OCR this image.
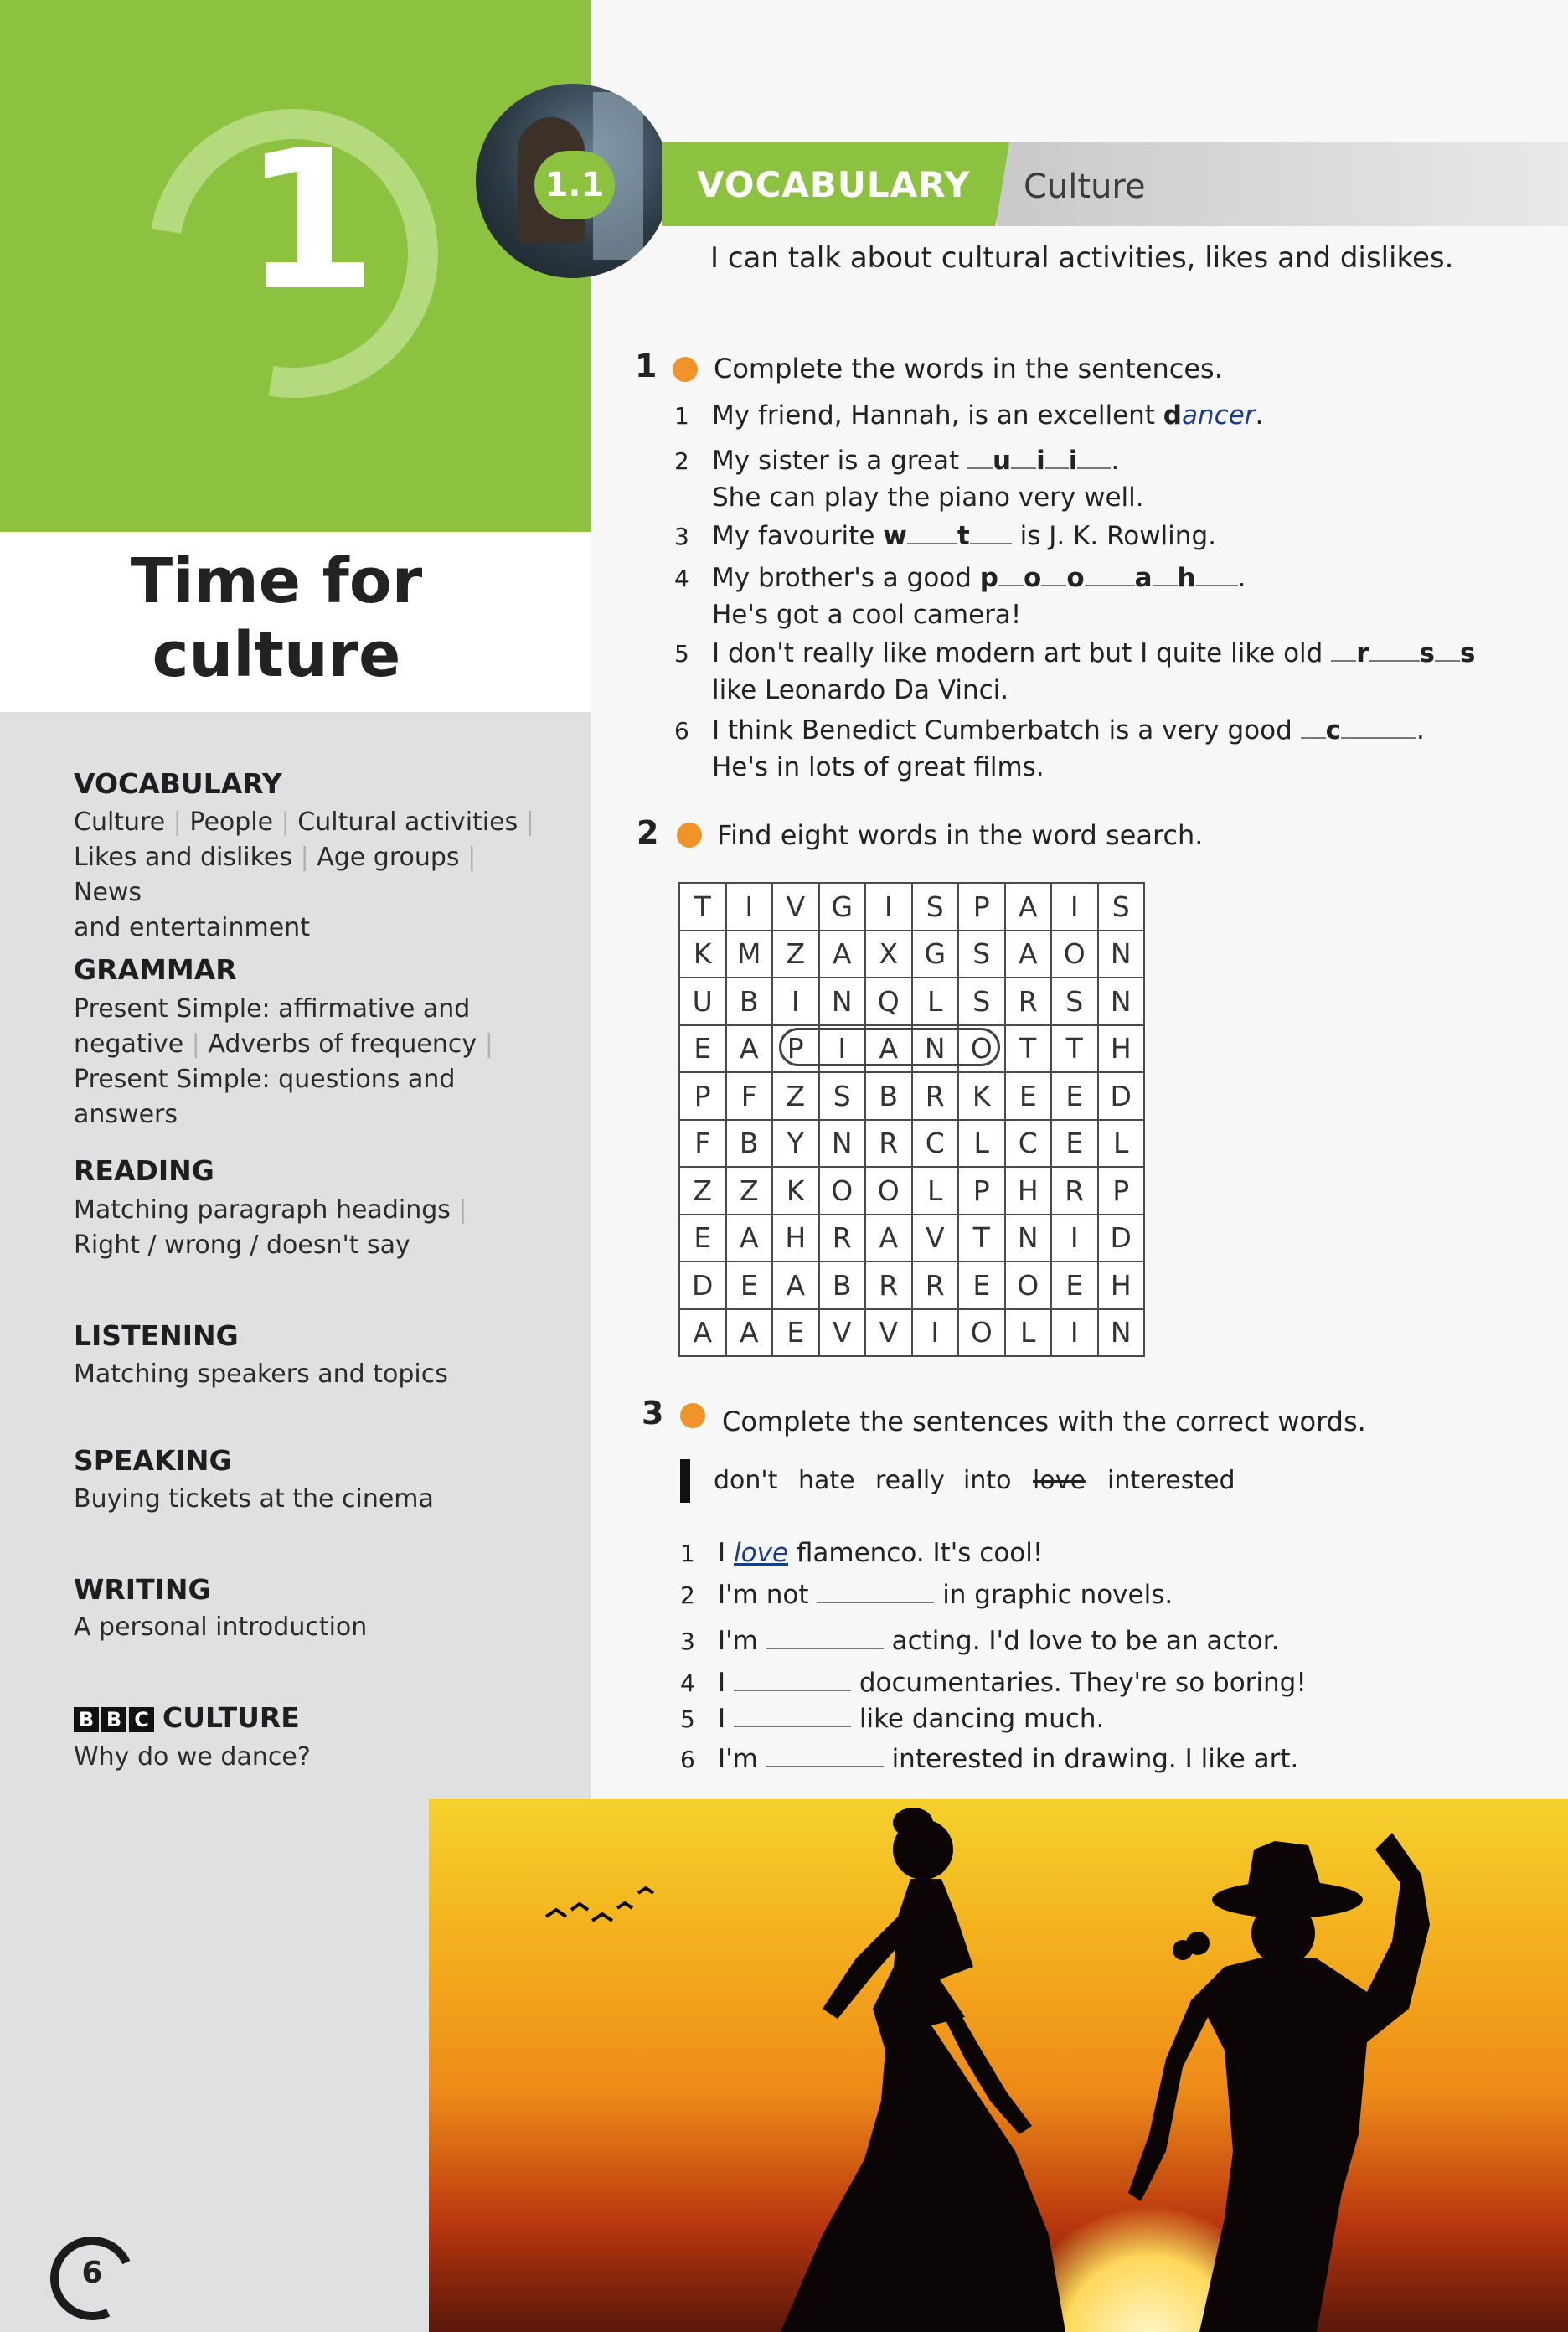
1
Time for
culture
VOCABULARY
Culture | People | Cultural activities |
Likes and dislikes | Age groups | News
and entertainment
GRAMMAR
Present Simple: affirmative and
negative | Adverbs of frequency |
Present Simple: questions and answers
READING
Matching paragraph headings |
Right / wrong / doesn't say
LISTENING
Matching speakers and topics
SPEAKING
Buying tickets at the cinema
WRITING
A personal introduction
B B C CULTURE
Why do we dance?
1.1	VOCABULARY Culture
I can talk about cultural activities, likes and dislikes.
1 Complete the words in the sentences.
1 My friend, Hannah, is an excellent dancer.
2 My sister is a great u i i .
She can play the piano very well.
3 My favourite w t is J. K. Rowling.
4 My brother's a good p o o a h .
He's got a cool camera!
5 I don't really like modern art but I quite like old r s s
like Leonardo Da Vinci.
6 I think Benedict Cumberbatch is a very good c	.
He's in lots of great films.
2 Find eight words in the word search.
T	I	V	G	I	S	P	A	I	S
K	M	Z	A	X	G	S	A	O	N
U	B	I	N	Q	L	S	R	S	N
E	A	P	I	A	N	O	T	T	H
P	F	Z	S	B	R	K	E	E	D
F	B	Y	N	R	C	L	C	E	L
Z	Z	K	O	O	L	P	H	R	P
E	A	H	R	A	V	T	N	I	D
D	E	A	B	R	R	E	O	E	H
A	A	E	V	V	I	O	L	I	N
3 Complete the sentences with the correct words.
don't hate really into love interested
1 I love flamenco. It's cool!
2 I'm not	in graphic novels.
3 I'm	acting. I'd love to be an actor.
4 I	documentaries. They're so boring!
5 I	like dancing much.
6 I'm	interested in drawing. I like art.
6
